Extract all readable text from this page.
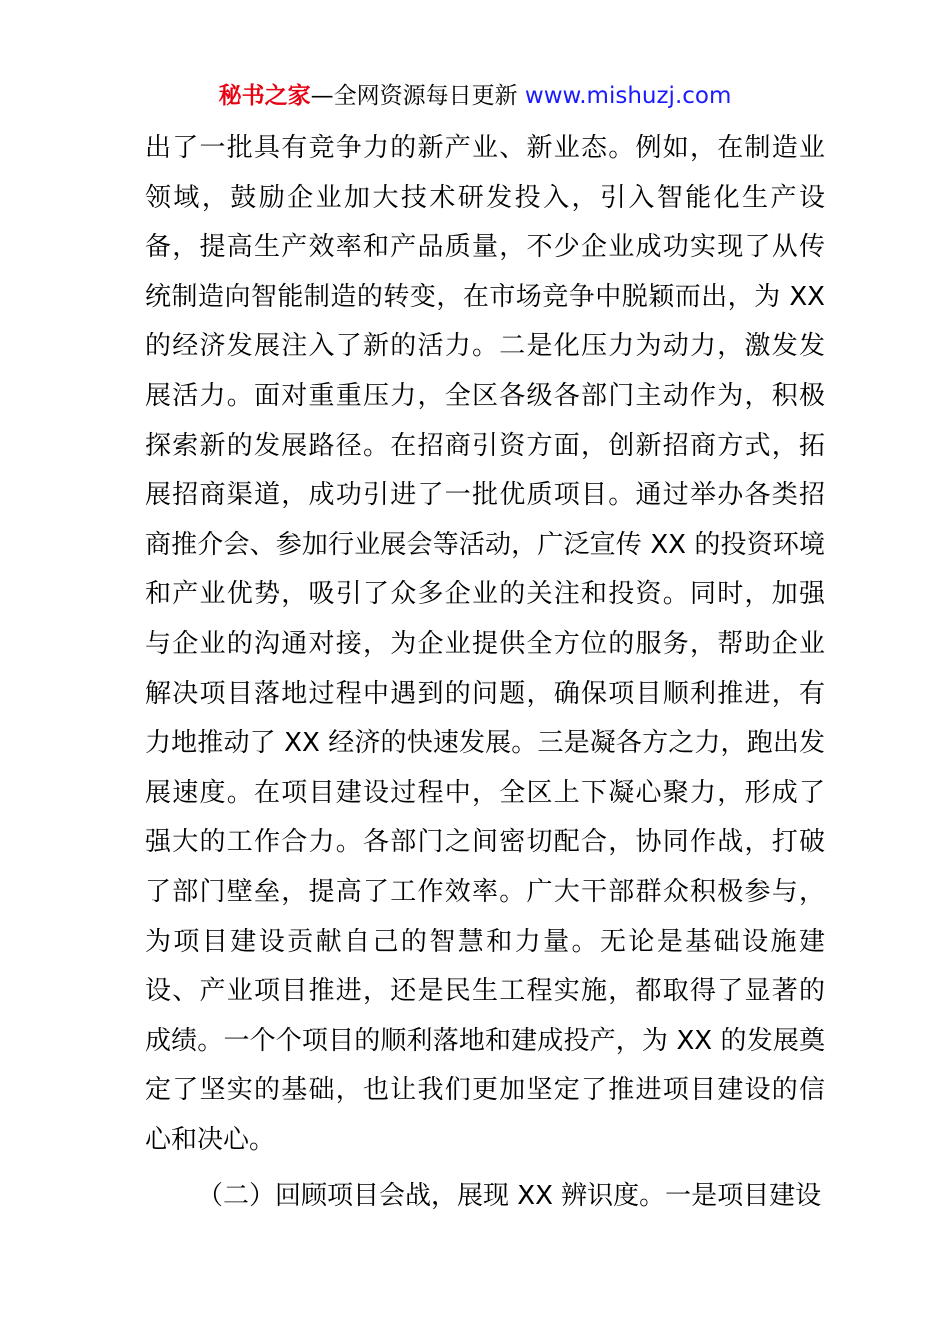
秘书之家—全网资源每日更新 www.mishuzj.com
出了一批具有竞争力的新产业、新业态。例如，在制造业
领域，鼓励企业加大技术研发投入，引入智能化生产设
备，提高生产效率和产品质量，不少企业成功实现了从传
统制造向智能制造的转变，在市场竞争中脱颖而出，为 XX
的经济发展注入了新的活力。二是化压力为动力，激发发
展活力。面对重重压力，全区各级各部门主动作为，积极
探索新的发展路径。在招商引资方面，创新招商方式，拓
展招商渠道，成功引进了一批优质项目。通过举办各类招
商推介会、参加行业展会等活动，广泛宣传 XX 的投资环境
和产业优势，吸引了众多企业的关注和投资。同时，加强
与企业的沟通对接，为企业提供全方位的服务，帮助企业
解决项目落地过程中遇到的问题，确保项目顺利推进，有
力地推动了 XX 经济的快速发展。三是凝各方之力，跑出发
展速度。在项目建设过程中，全区上下凝心聚力，形成了
强大的工作合力。各部门之间密切配合，协同作战，打破
了部门壁垒，提高了工作效率。广大干部群众积极参与，
为项目建设贡献自己的智慧和力量。无论是基础设施建
设、产业项目推进，还是民生工程实施，都取得了显著的
成绩。一个个项目的顺利落地和建成投产，为 XX 的发展奠
定了坚实的基础，也让我们更加坚定了推进项目建设的信
心和决心。
（二）回顾项目会战，展现 XX 辨识度。一是项目建设
